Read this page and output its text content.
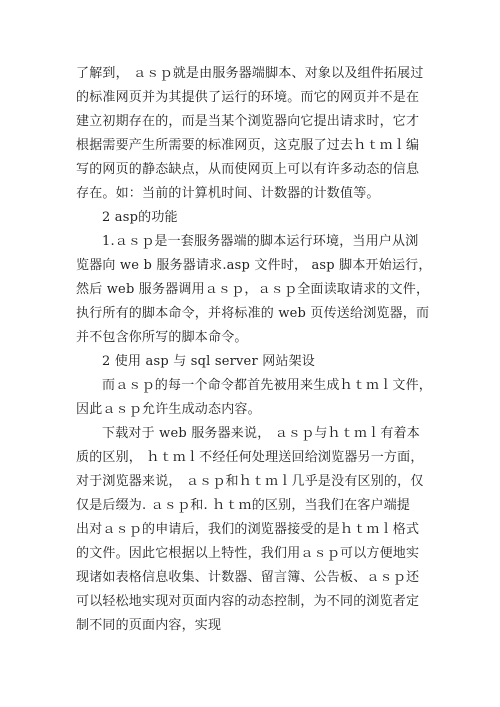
了解到， ａｓｐ就是由服务器端脚本、对象以及组件拓展过
的标准网页并为其提供了运行的环境。而它的网页并不是在
建立初期存在的，而是当某个浏览器向它提出请求时，它才
根据需要产生所需要的标准网页，这克服了过去ｈｔｍｌ编
写的网页的静态缺点，从而使网页上可以有许多动态的信息
存在。如：当前的计算机时间、计数器的计数值等。
2 asp的功能
1.ａｓｐ是一套服务器端的脚本运行环境，当用户从浏
览器向 we b 服务器请求.asp 文件时， asp 脚本开始运行，
然后 web 服务器调用ａｓｐ，ａｓｐ全面读取请求的文件，
执行所有的脚本命令，并将标准的 web 页传送给浏览器，而
并不包含你所写的脚本命令。
2 使用 asp 与 sql server 网站架设
而ａｓｐ的每一个命令都首先被用来生成ｈｔｍｌ文件，
因此ａｓｐ允许生成动态内容。
下载对于 web 服务器来说， ａｓｐ与ｈｔｍｌ有着本
质的区别， ｈｔｍｌ不经任何处理送回给浏览器另一方面，
对于浏览器来说， ａｓｐ和ｈｔｍｌ几乎是没有区别的，仅
仅是后缀为. ａｓｐ和. ｈｔｍ的区别，当我们在客户端提
出对ａｓｐ的申请后，我们的浏览器接受的是ｈｔｍｌ格式
的文件。因此它根据以上特性，我们用ａｓｐ可以方便地实
现诸如表格信息收集、计数器、留言簿、公告板、ａｓｐ还
可以轻松地实现对页面内容的动态控制，为不同的浏览者定
制不同的页面内容，实现
